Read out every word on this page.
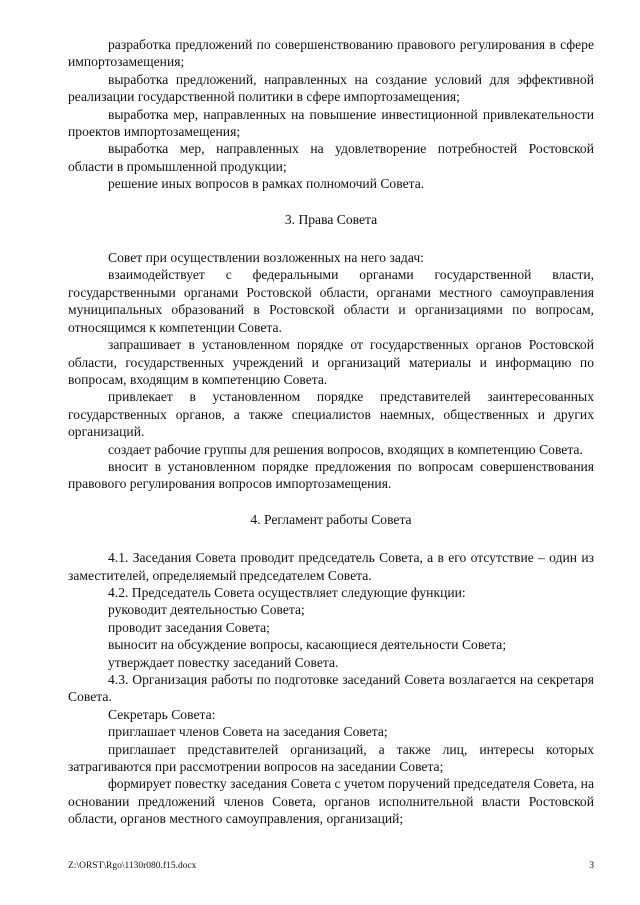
разработка предложений по совершенствованию правового регулирования в сфере импортозамещения;

выработка предложений, направленных на создание условий для эффективной реализации государственной политики в сфере импортозамещения;

выработка мер, направленных на повышение инвестиционной привлекательности проектов импортозамещения;

выработка мер, направленных на удовлетворение потребностей Ростовской области в промышленной продукции;

решение иных вопросов в рамках полномочий Совета.

3. Права Совета

Совет при осуществлении возложенных на него задач:

взаимодействует с федеральными органами государственной власти, государственными органами Ростовской области, органами местного самоуправления муниципальных образований в Ростовской области и организациями по вопросам, относящимся к компетенции Совета.

запрашивает в установленном порядке от государственных органов Ростовской области, государственных учреждений и организаций материалы и информацию по вопросам, входящим в компетенцию Совета.

привлекает в установленном порядке представителей заинтересованных государственных органов, а также специалистов наемных, общественных и других организаций.

создает рабочие группы для решения вопросов, входящих в компетенцию Совета.

вносит в установленном порядке предложения по вопросам совершенствования правового регулирования вопросов импортозамещения.

4. Регламент работы Совета

4.1. Заседания Совета проводит председатель Совета, а в его отсутствие – один из заместителей, определяемый председателем Совета.

4.2. Председатель Совета осуществляет следующие функции:

руководит деятельностью Совета;

проводит заседания Совета;

выносит на обсуждение вопросы, касающиеся деятельности Совета;

утверждает повестку заседаний Совета.

4.3. Организация работы по подготовке заседаний Совета возлагается на секретаря Совета.

Секретарь Совета:

приглашает членов Совета на заседания Совета;

приглашает представителей организаций, а также лиц, интересы которых затрагиваются при рассмотрении вопросов на заседании Совета;

формирует повестку заседания Совета с учетом поручений председателя Совета, на основании предложений членов Совета, органов исполнительной власти Ростовской области, органов местного самоуправления, организаций;

Z:\ORST\Rgo\1130r080.f15.docx	3
